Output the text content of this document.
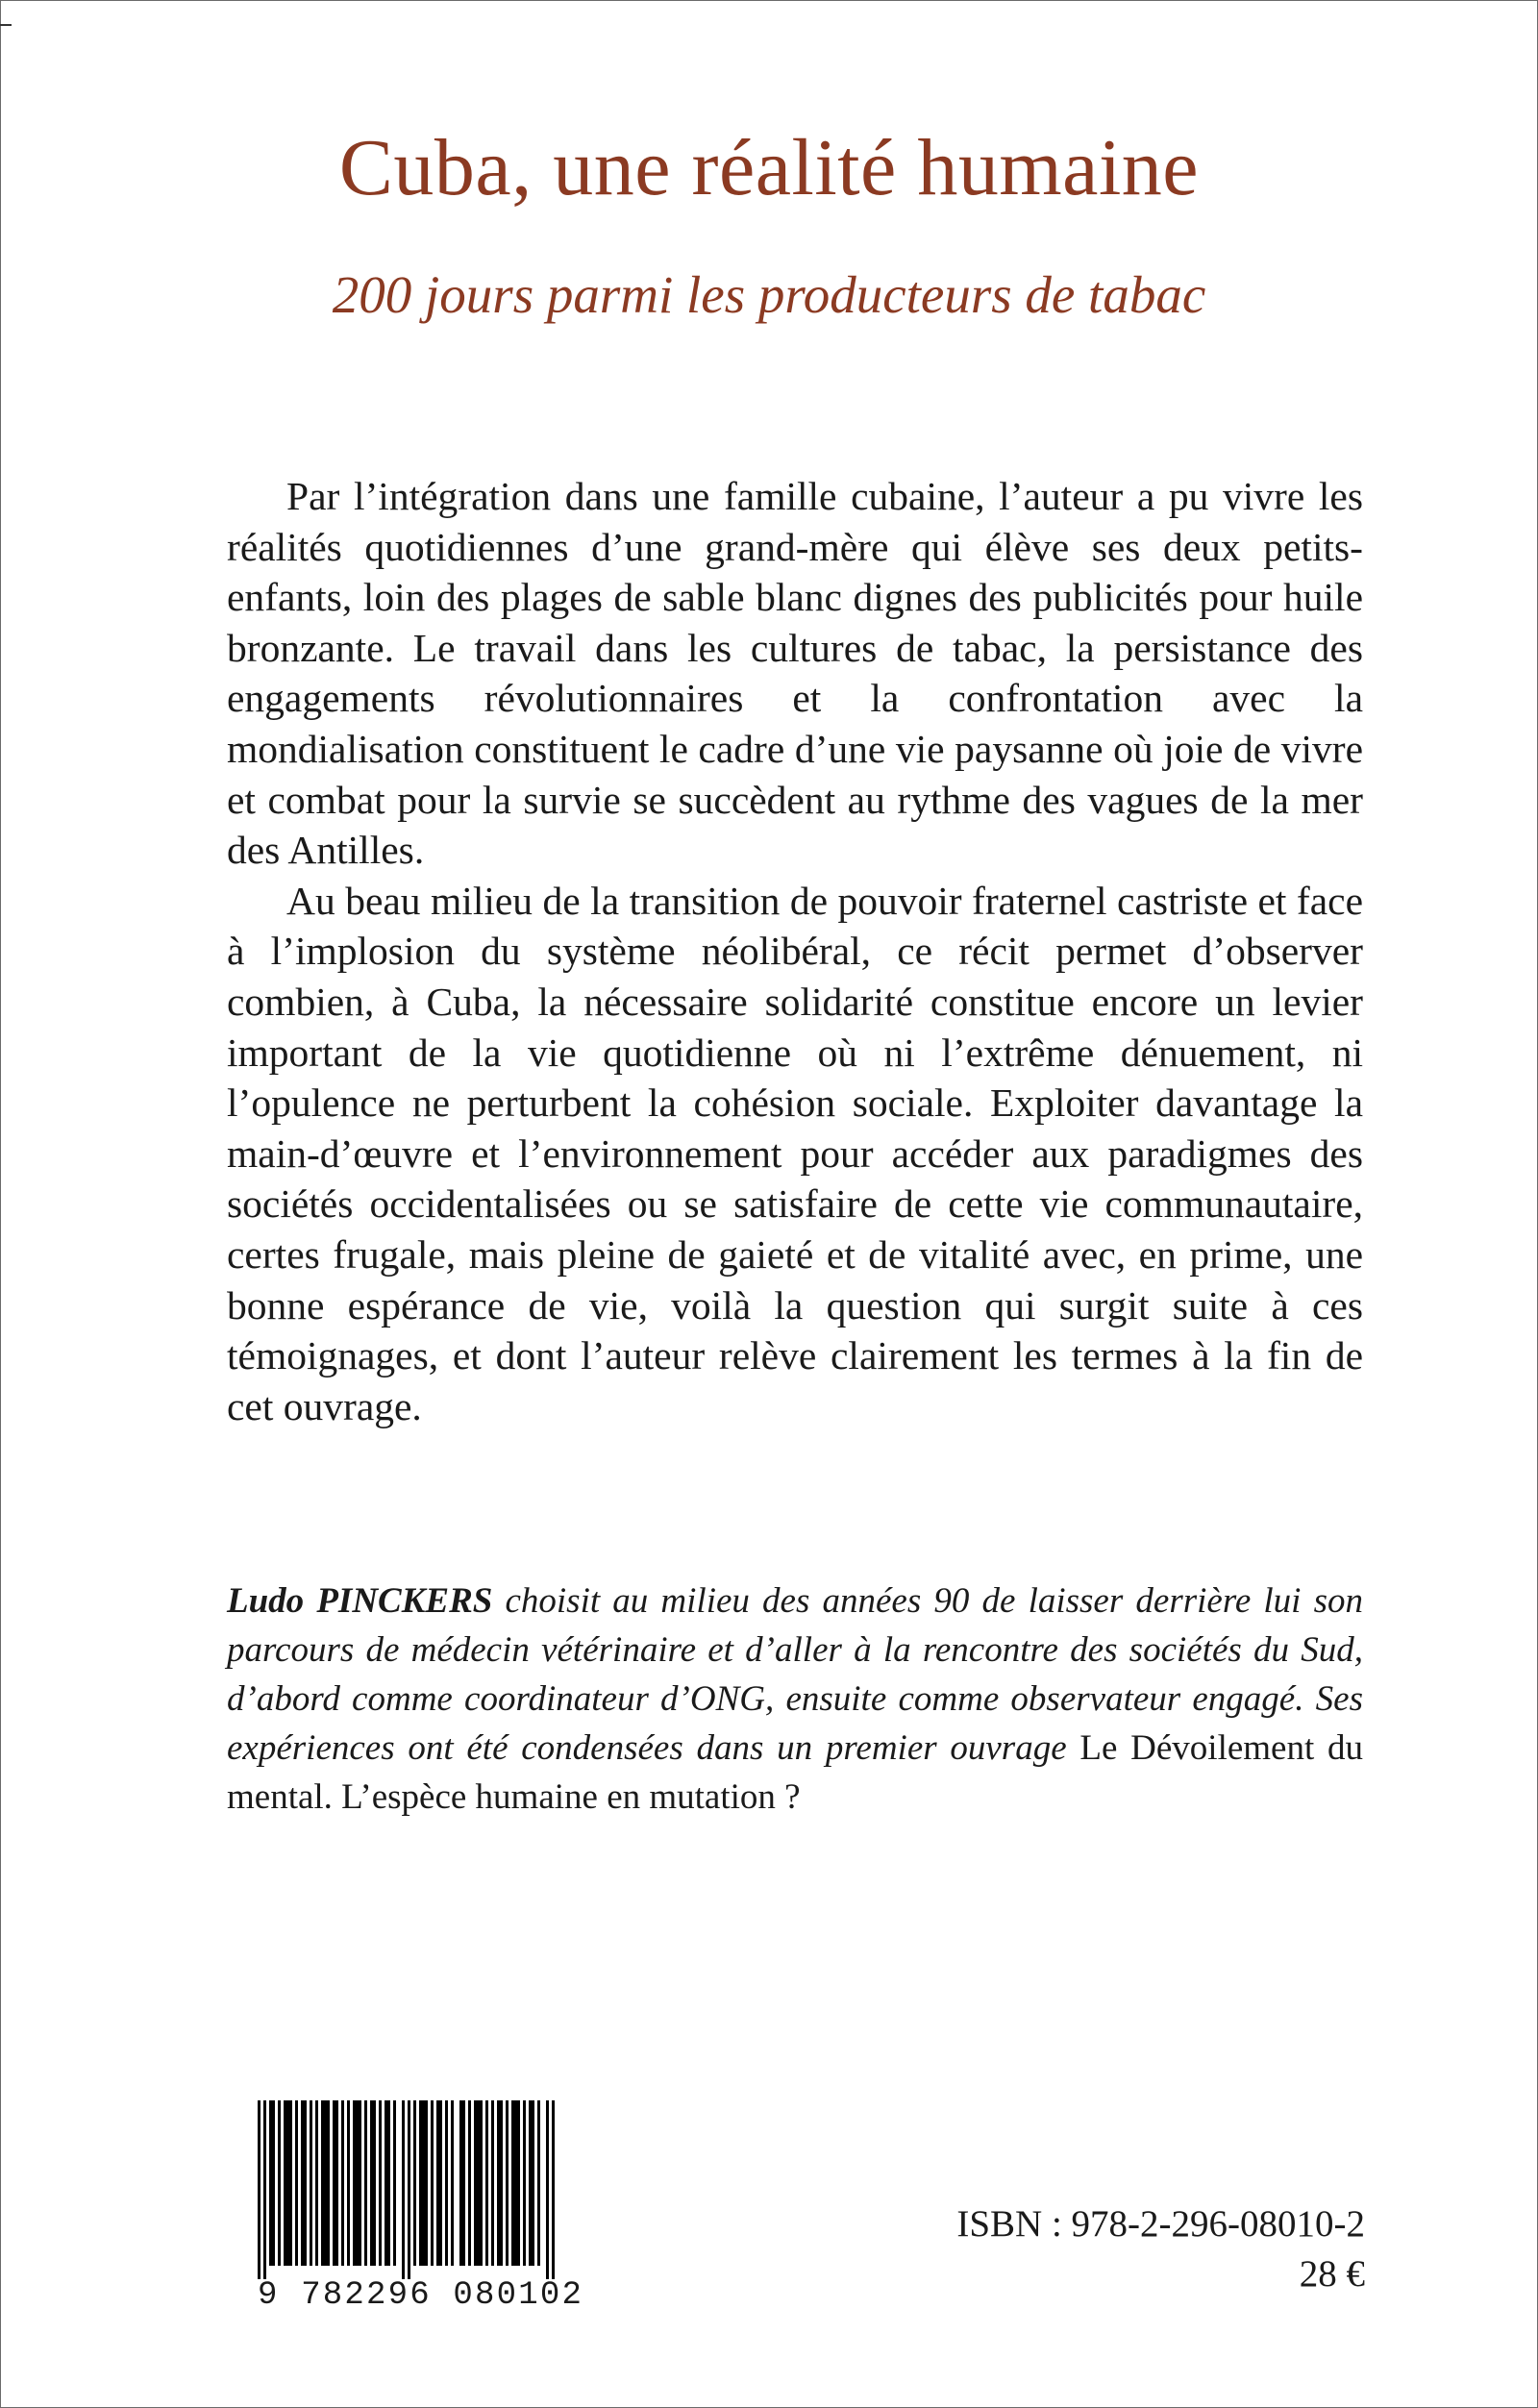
Cuba, une réalité humaine
200 jours parmi les producteurs de tabac

Par l’intégration dans une famille cubaine, l’auteur a pu vivre les réalités quotidiennes d’une grand-mère qui élève ses deux petits-enfants, loin des plages de sable blanc dignes des publicités pour huile bronzante. Le travail dans les cultures de tabac, la persistance des engagements révolutionnaires et la confrontation avec la mondialisation constituent le cadre d’une vie paysanne où joie de vivre et combat pour la survie se succèdent au rythme des vagues de la mer des Antilles.

Au beau milieu de la transition de pouvoir fraternel castriste et face à l’implosion du système néolibéral, ce récit permet d’observer combien, à Cuba, la nécessaire solidarité constitue encore un levier important de la vie quotidienne où ni l’extrême dénuement, ni l’opulence ne perturbent la cohésion sociale. Exploiter davantage la main-d’œuvre et l’environnement pour accéder aux paradigmes des sociétés occidentalisées ou se satisfaire de cette vie communautaire, certes frugale, mais pleine de gaieté et de vitalité avec, en prime, une bonne espérance de vie, voilà la question qui surgit suite à ces témoignages, et dont l’auteur relève clairement les termes à la fin de cet ouvrage.

Ludo PINCKERS choisit au milieu des années 90 de laisser derrière lui son parcours de médecin vétérinaire et d’aller à la rencontre des sociétés du Sud, d’abord comme coordinateur d’ONG, ensuite comme observateur engagé. Ses expériences ont été condensées dans un premier ouvrage Le Dévoilement du mental. L’espèce humaine en mutation ?

9 782296 080102
ISBN : 978-2-296-08010-2
28 €
